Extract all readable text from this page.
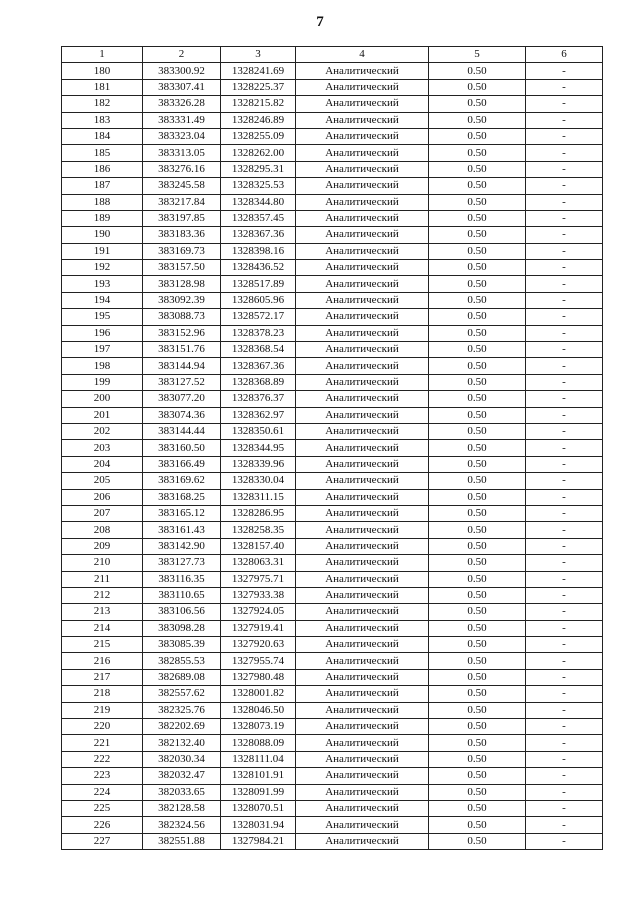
7
1	2	3	4	5	6
180	383300.92	1328241.69	Аналитический	0.50	-
181	383307.41	1328225.37	Аналитический	0.50	-
182	383326.28	1328215.82	Аналитический	0.50	-
183	383331.49	1328246.89	Аналитический	0.50	-
184	383323.04	1328255.09	Аналитический	0.50	-
185	383313.05	1328262.00	Аналитический	0.50	-
186	383276.16	1328295.31	Аналитический	0.50	-
187	383245.58	1328325.53	Аналитический	0.50	-
188	383217.84	1328344.80	Аналитический	0.50	-
189	383197.85	1328357.45	Аналитический	0.50	-
190	383183.36	1328367.36	Аналитический	0.50	-
191	383169.73	1328398.16	Аналитический	0.50	-
192	383157.50	1328436.52	Аналитический	0.50	-
193	383128.98	1328517.89	Аналитический	0.50	-
194	383092.39	1328605.96	Аналитический	0.50	-
195	383088.73	1328572.17	Аналитический	0.50	-
196	383152.96	1328378.23	Аналитический	0.50	-
197	383151.76	1328368.54	Аналитический	0.50	-
198	383144.94	1328367.36	Аналитический	0.50	-
199	383127.52	1328368.89	Аналитический	0.50	-
200	383077.20	1328376.37	Аналитический	0.50	-
201	383074.36	1328362.97	Аналитический	0.50	-
202	383144.44	1328350.61	Аналитический	0.50	-
203	383160.50	1328344.95	Аналитический	0.50	-
204	383166.49	1328339.96	Аналитический	0.50	-
205	383169.62	1328330.04	Аналитический	0.50	-
206	383168.25	1328311.15	Аналитический	0.50	-
207	383165.12	1328286.95	Аналитический	0.50	-
208	383161.43	1328258.35	Аналитический	0.50	-
209	383142.90	1328157.40	Аналитический	0.50	-
210	383127.73	1328063.31	Аналитический	0.50	-
211	383116.35	1327975.71	Аналитический	0.50	-
212	383110.65	1327933.38	Аналитический	0.50	-
213	383106.56	1327924.05	Аналитический	0.50	-
214	383098.28	1327919.41	Аналитический	0.50	-
215	383085.39	1327920.63	Аналитический	0.50	-
216	382855.53	1327955.74	Аналитический	0.50	-
217	382689.08	1327980.48	Аналитический	0.50	-
218	382557.62	1328001.82	Аналитический	0.50	-
219	382325.76	1328046.50	Аналитический	0.50	-
220	382202.69	1328073.19	Аналитический	0.50	-
221	382132.40	1328088.09	Аналитический	0.50	-
222	382030.34	1328111.04	Аналитический	0.50	-
223	382032.47	1328101.91	Аналитический	0.50	-
224	382033.65	1328091.99	Аналитический	0.50	-
225	382128.58	1328070.51	Аналитический	0.50	-
226	382324.56	1328031.94	Аналитический	0.50	-
227	382551.88	1327984.21	Аналитический	0.50	-
